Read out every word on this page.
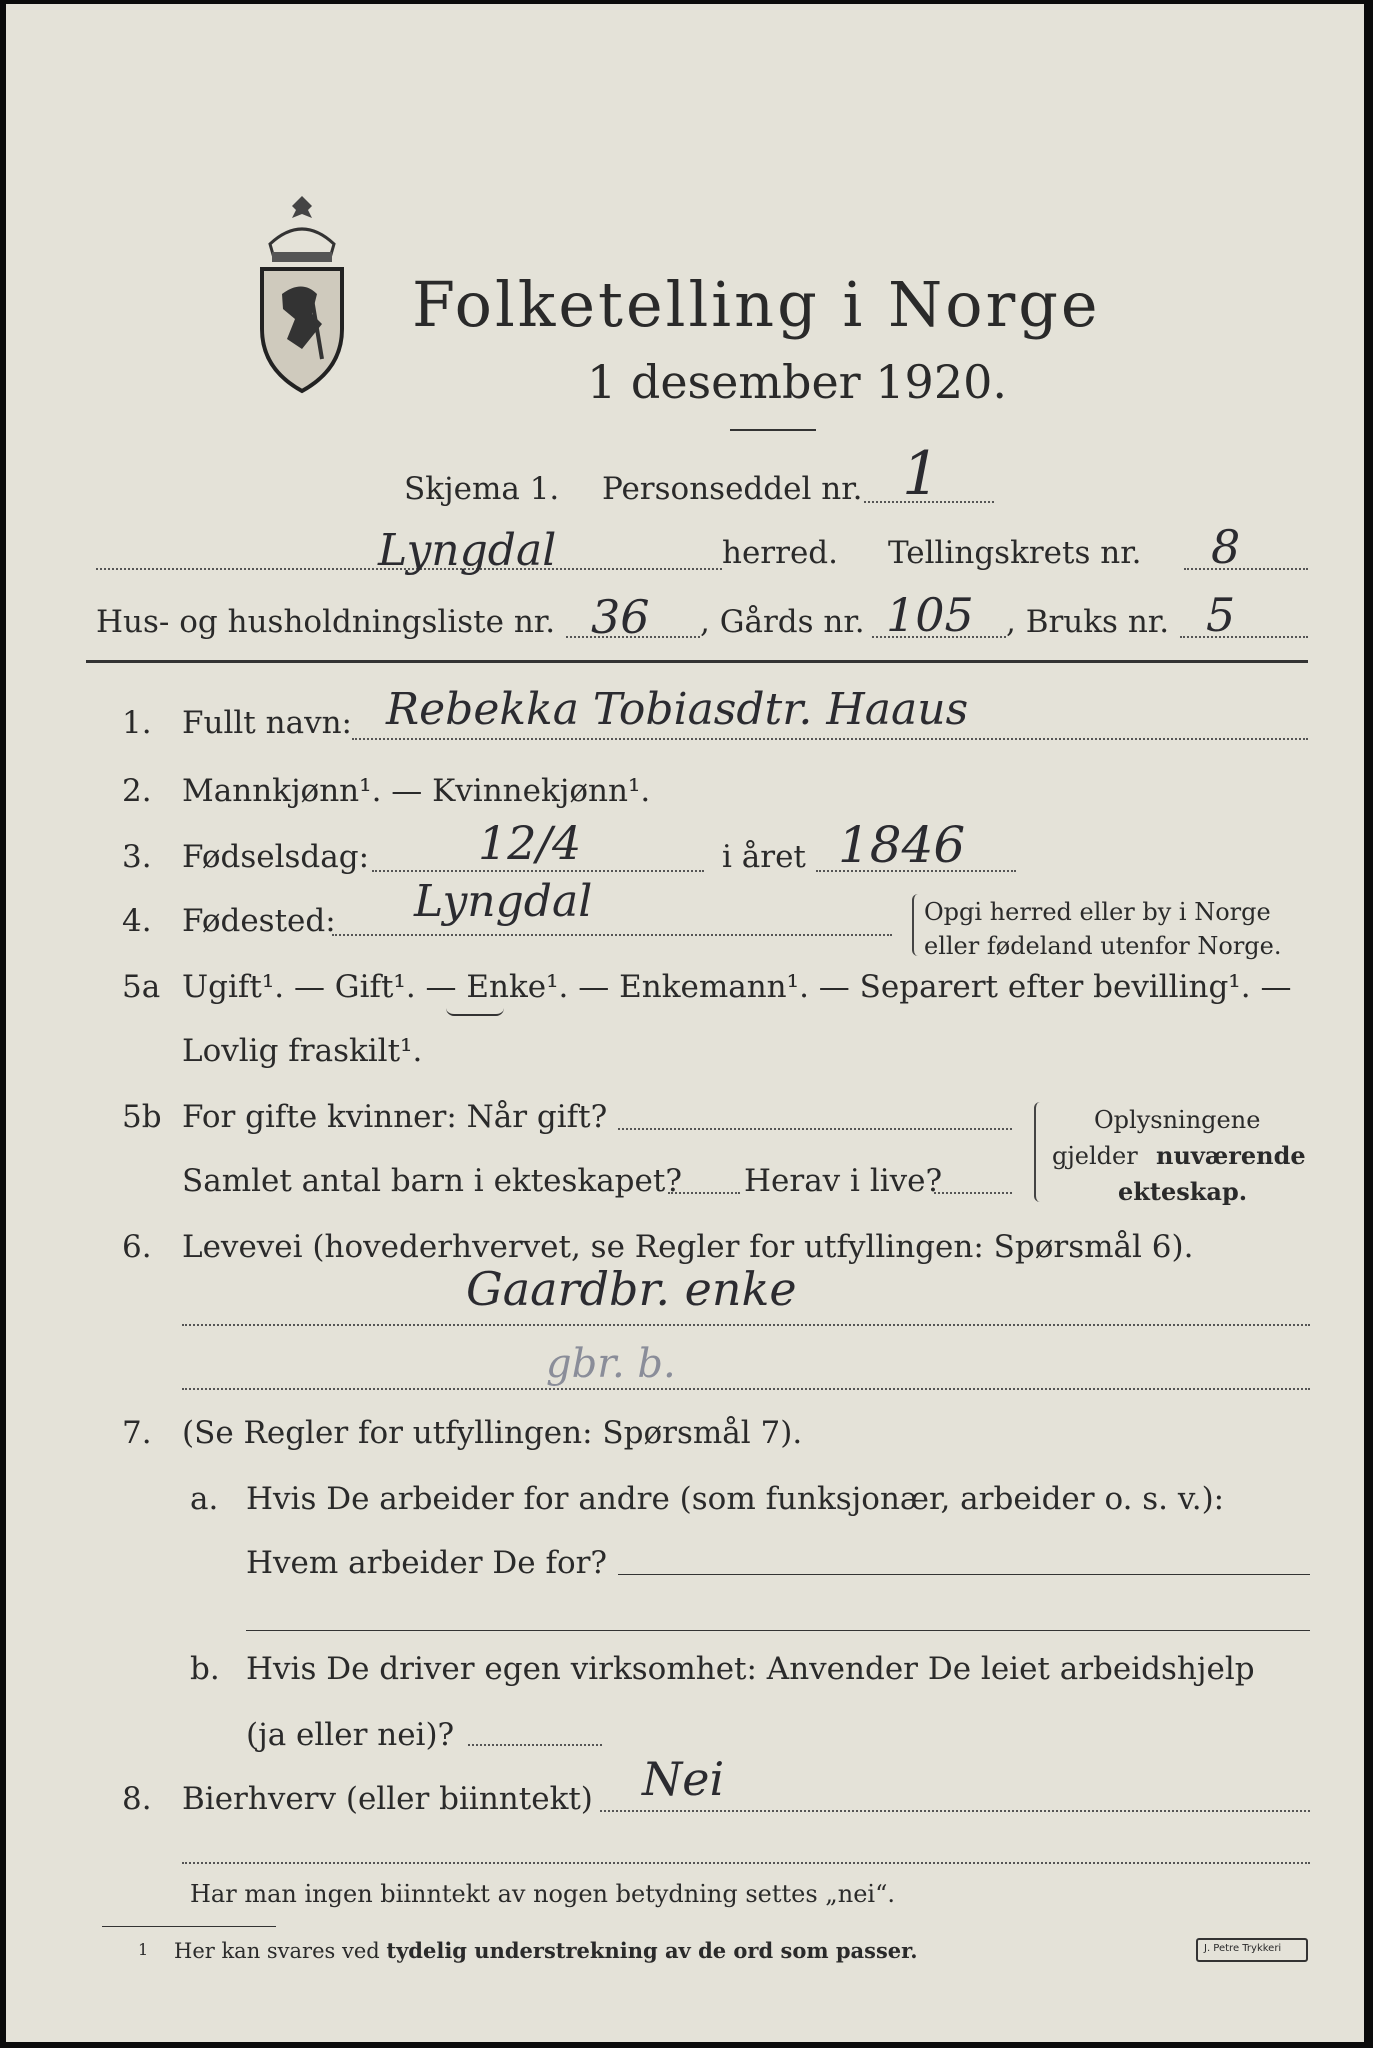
Folketelling i Norge
1 desember 1920.
Skjema 1. Personseddel nr. 1
Lyngdal	herred. Tellingskrets nr. 8
Hus- og husholdningsliste nr. 36 , Gårds nr. 105 , Bruks nr. 5
1. Fullt navn: Rebekka Tobiasdtr. Haaus
2. Mannkjønn¹. — Kvinnekjønn¹.
3. Fødselsdag: 12/4	i året 1846
4. Fødested: Lyngdal	Opgi herred eller by i Norge
eller fødeland utenfor Norge.
5a Ugift¹. — Gift¹. — Enke¹. — Enkemann¹. — Separert efter bevilling¹. —
Lovlig fraskilt¹.
5b For gifte kvinner: Når gift?
Samlet antal barn i ekteskapet? Herav i live?
Oplysningene
gjelder nuværende
ekteskap.
6. Levevei (hovederhvervet, se Regler for utfyllingen: Spørsmål 6).
Gaardbr. enke
gbr. b.
7. (Se Regler for utfyllingen: Spørsmål 7).
a. Hvis De arbeider for andre (som funksjonær, arbeider o. s. v.):
Hvem arbeider De for?
b. Hvis De driver egen virksomhet: Anvender De leiet arbeidshjelp
(ja eller nei)?
8. Bierhverv (eller biinntekt) Nei
Har man ingen biinntekt av nogen betydning settes „nei“.
1 Her kan svares ved tydelig understrekning av de ord som passer.	J. Petre Trykkeri
